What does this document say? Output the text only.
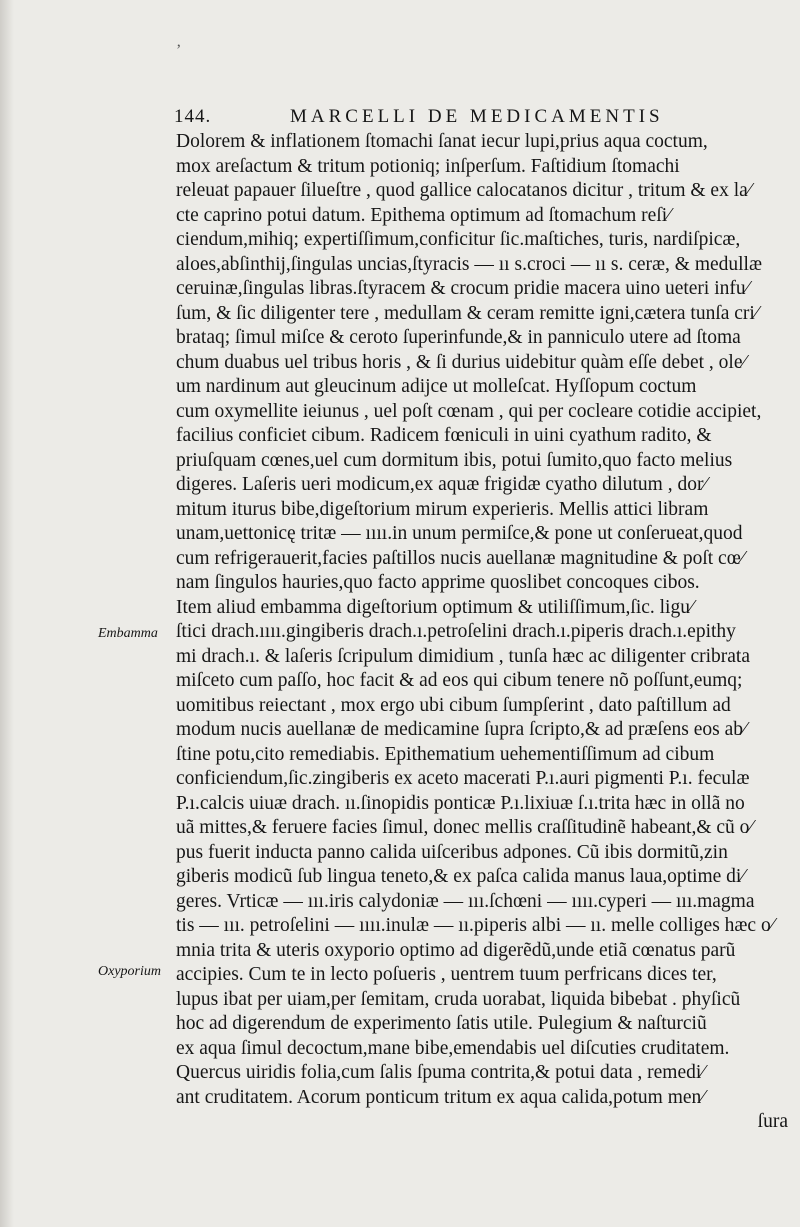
ʼ
144.	MARCELLI DE MEDICAMENTIS
Dolorem & inflationem ſtomachi ſanat iecur lupi,prius aqua coctum,
mox areſactum & tritum potioniq; inſperſum. Faſtidium ſtomachi
releuat papauer ſilueſtre , quod gallice calocatanos dicitur , tritum & ex la⁄
cte caprino potui datum. Epithema optimum ad ſtomachum reſi⁄
ciendum,mihiq; expertiſſimum,conficitur ſic.maſtiches, turis, nardiſpicæ,
aloes,abſinthij,ſingulas uncias,ſtyracis — ıı s.croci — ıı s. ceræ, & medullæ
ceruinæ,ſingulas libras.ſtyracem & crocum pridie macera uino ueteri infu⁄
ſum, & ſic diligenter tere , medullam & ceram remitte igni,cætera tunſa cri⁄
brataq; ſimul miſce & ceroto ſuperinfunde,& in panniculo utere ad ſtoma
chum duabus uel tribus horis , & ſi durius uidebitur quàm eſſe debet , ole⁄
um nardinum aut gleucinum adijce ut molleſcat. Hyſſopum coctum
cum oxymellite ieiunus , uel poſt cœnam , qui per cocleare cotidie accipiet,
facilius conficiet cibum. Radicem fœniculi in uini cyathum radito, &
priuſquam cœnes,uel cum dormitum ibis, potui ſumito,quo facto melius
digeres. Laſeris ueri modicum,ex aquæ frigidæ cyatho dilutum , dor⁄
mitum iturus bibe,digeſtorium mirum experieris. Mellis attici libram
unam,uettonicę tritæ — ıııı.in unum permiſce,& pone ut conſerueat,quod
cum refrigerauerit,facies paſtillos nucis auellanæ magnitudine & poſt cœ⁄
nam ſingulos hauries,quo facto apprime quoslibet concoques cibos.
Item aliud embamma digeſtorium optimum & utiliſſimum,ſic. ligu⁄
ſtici drach.ıııı.gingiberis drach.ı.petroſelini drach.ı.piperis drach.ı.epithy
mi drach.ı. & laſeris ſcripulum dimidium , tunſa hæc ac diligenter cribrata
miſceto cum paſſo, hoc facit & ad eos qui cibum tenere nõ poſſunt,eumq;
uomitibus reiectant , mox ergo ubi cibum ſumpſerint , dato paſtillum ad
modum nucis auellanæ de medicamine ſupra ſcripto,& ad præſens eos ab⁄
ſtine potu,cito remediabis. Epithematium uehementiſſimum ad cibum
conficiendum,ſic.zingiberis ex aceto macerati P.ı.auri pigmenti P.ı. feculæ
P.ı.calcis uiuæ drach. ıı.ſinopidis ponticæ P.ı.lixiuæ ſ.ı.trita hæc in ollã no
uã mittes,& feruere facies ſimul, donec mellis craſſitudinẽ habeant,& cũ o⁄
pus fuerit inducta panno calida uiſceribus adpones. Cũ ibis dormitũ,zin
giberis modicũ ſub lingua teneto,& ex paſca calida manus laua,optime di⁄
geres. Vrticæ — ııı.iris calydoniæ — ııı.ſchœni — ıııı.cyperi — ııı.magma
tis — ııı. petroſelini — ıııı.inulæ — ıı.piperis albi — ıı. melle colliges hæc o⁄
mnia trita & uteris oxyporio optimo ad digerẽdũ,unde etiã cœnatus parũ
accipies. Cum te in lecto poſueris , uentrem tuum perfricans dices ter,
lupus ibat per uiam,per ſemitam, cruda uorabat, liquida bibebat . phyſicũ
hoc ad digerendum de experimento ſatis utile. Pulegium & naſturciũ
ex aqua ſimul decoctum,mane bibe,emendabis uel diſcuties cruditatem.
Quercus uiridis folia,cum ſalis ſpuma contrita,& potui data , remedi⁄
ant cruditatem. Acorum ponticum tritum ex aqua calida,potum men⁄
ſura
Embamma
Oxyporium
